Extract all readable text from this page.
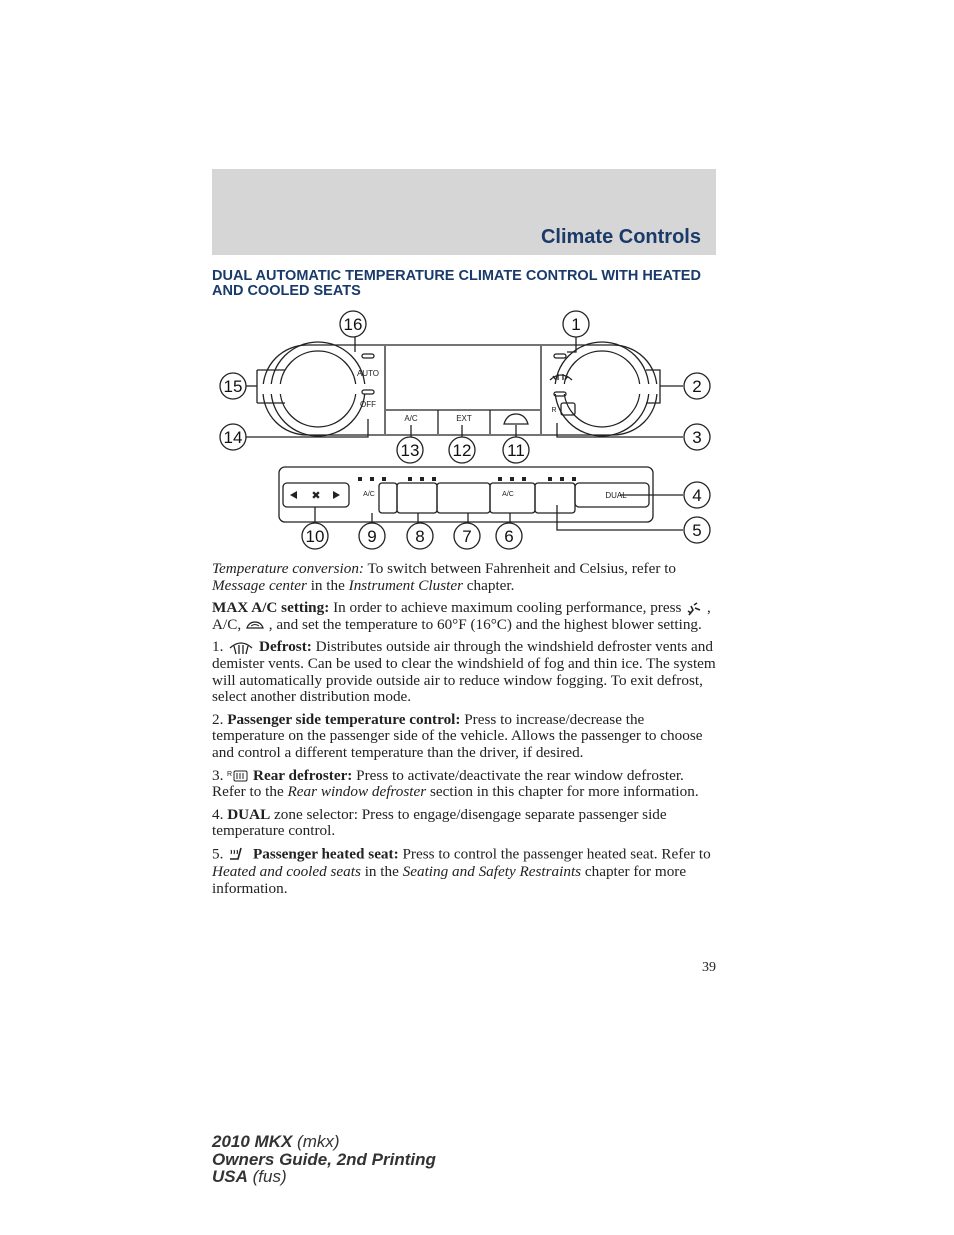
Climate Controls
DUAL AUTOMATIC TEMPERATURE CLIMATE CONTROL WITH HEATED AND COOLED SEATS
AUTO
OFF
A/C	EXT
DUAL
A/C
R
✖	A/C
1
2
3
4
5
6
7
8
9
10
11
12
13
14
15
16

Temperature conversion: To switch between Fahrenheit and Celsius, refer to Message center in the Instrument Cluster chapter.

MAX A/C setting: In order to achieve maximum cooling performance, press  , A/C,  , and set the temperature to 60°F (16°C) and the highest blower setting.

1. Defrost: Distributes outside air through the windshield defroster vents and demister vents. Can be used to clear the windshield of fog and thin ice. The system will automatically provide outside air to reduce window fogging. To exit defrost, select another distribution mode.

2. Passenger side temperature control: Press to increase/decrease the temperature on the passenger side of the vehicle. Allows the passenger to choose and control a different temperature than the driver, if desired.

3. R Rear defroster: Press to activate/deactivate the rear window defroster. Refer to the Rear window defroster section in this chapter for more information.

4. DUAL zone selector: Press to engage/disengage separate passenger side temperature control.

5. Passenger heated seat: Press to control the passenger heated seat. Refer to Heated and cooled seats in the Seating and Safety Restraints chapter for more information.

39
2010 MKX (mkx)
Owners Guide, 2nd Printing
USA (fus)
